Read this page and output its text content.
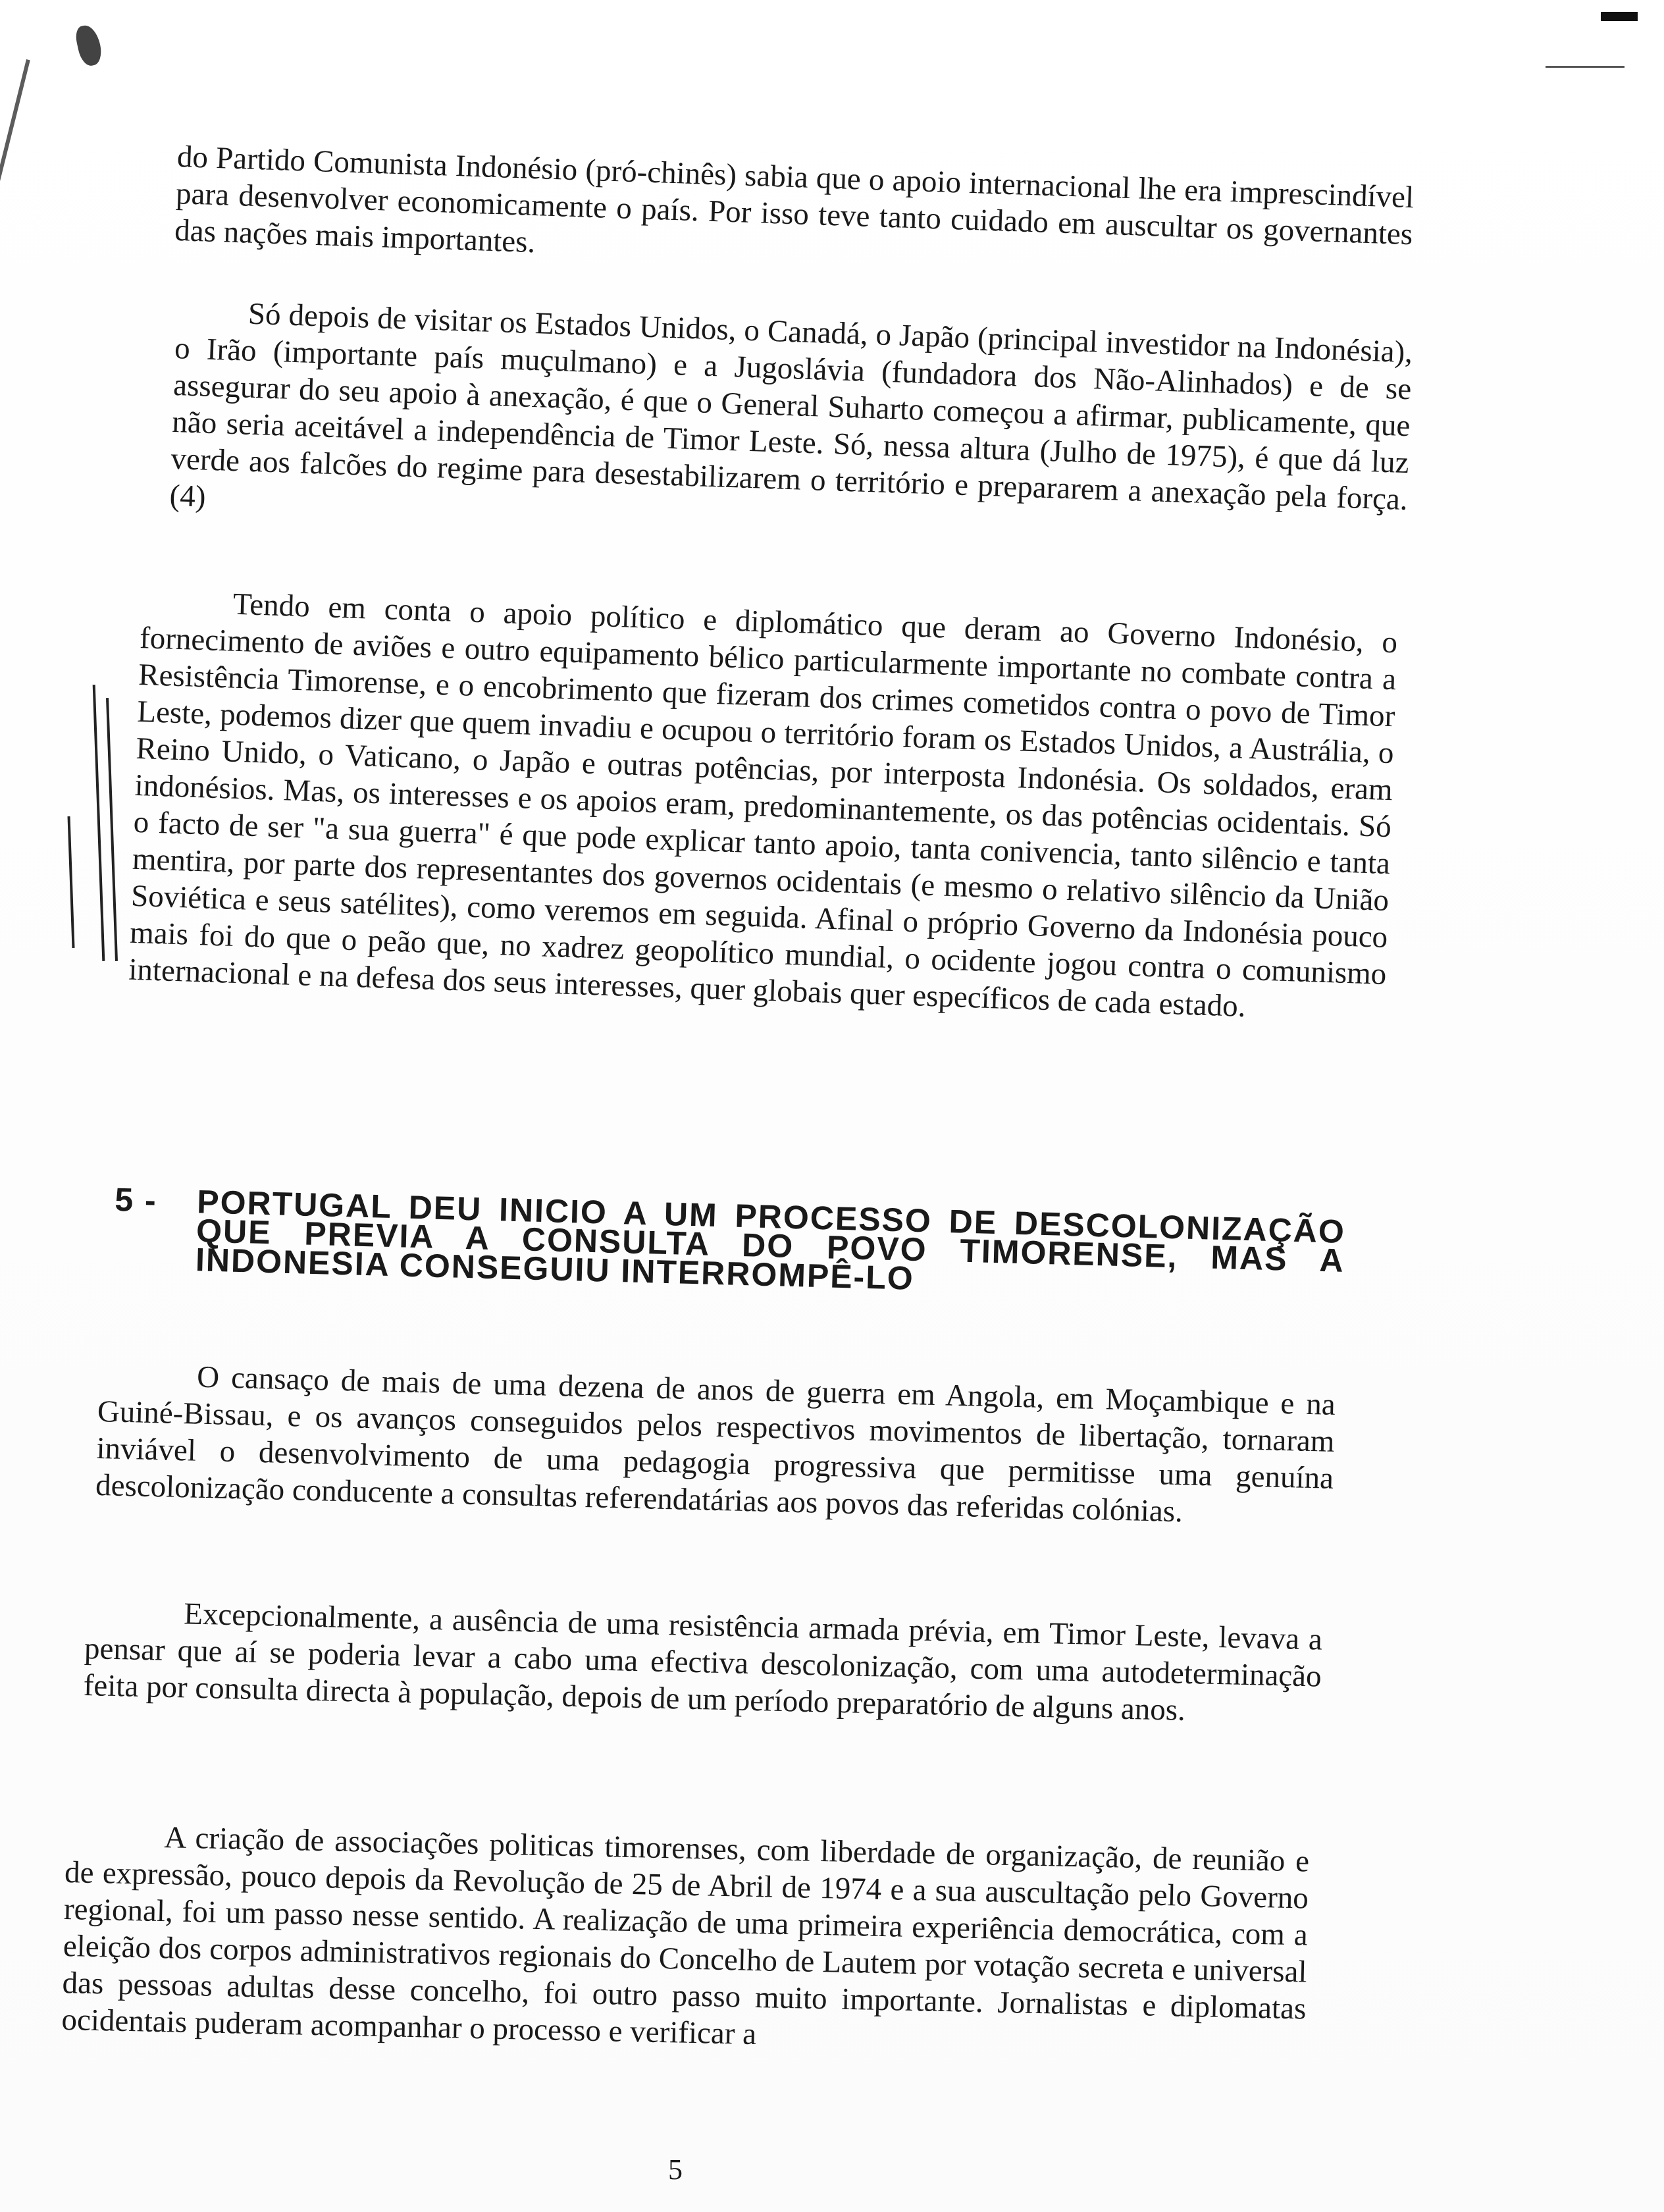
do Partido Comunista Indonésio (pró-chinês) sabia que o apoio internacional lhe era imprescindível para desenvolver economicamente o país. Por isso teve tanto cuidado em auscultar os governantes das nações mais importantes.

Só depois de visitar os Estados Unidos, o Canadá, o Japão (principal investidor na Indonésia), o Irão (importante país muçulmano) e a Jugoslávia (fundadora dos Não-Alinhados) e de se assegurar do seu apoio à anexação, é que o General Suharto começou a afirmar, publicamente, que não seria aceitável a independência de Timor Leste. Só, nessa altura (Julho de 1975), é que dá luz verde aos falcões do regime para desestabilizarem o território e prepararem a anexação pela força. (4)

Tendo em conta o apoio político e diplomático que deram ao Governo Indonésio, o fornecimento de aviões e outro equipamento bélico particularmente importante no combate contra a Resistência Timorense, e o encobrimento que fizeram dos crimes cometidos contra o povo de Timor Leste, podemos dizer que quem invadiu e ocupou o território foram os Estados Unidos, a Austrália, o Reino Unido, o Vaticano, o Japão e outras potências, por interposta Indonésia. Os soldados, eram indonésios. Mas, os interesses e os apoios eram, predominantemente, os das potências ocidentais. Só o facto de ser "a sua guerra" é que pode explicar tanto apoio, tanta conivencia, tanto silêncio e tanta mentira, por parte dos representantes dos governos ocidentais (e mesmo o relativo silêncio da União Soviética e seus satélites), como veremos em seguida. Afinal o próprio Governo da Indonésia pouco mais foi do que o peão que, no xadrez geopolítico mundial, o ocidente jogou contra o comunismo internacional e na defesa dos seus interesses, quer globais quer específicos de cada estado.

5 - PORTUGAL DEU INICIO A UM PROCESSO DE DESCOLONIZAÇÃO QUE PREVIA A CONSULTA DO POVO TIMORENSE, MAS A INDONESIA CONSEGUIU INTERROMPÊ-LO

O cansaço de mais de uma dezena de anos de guerra em Angola, em Moçambique e na Guiné-Bissau, e os avanços conseguidos pelos respectivos movimentos de libertação, tornaram inviável o desenvolvimento de uma pedagogia progressiva que permitisse uma genuína descolonização conducente a consultas referendatárias aos povos das referidas colónias.

Excepcionalmente, a ausência de uma resistência armada prévia, em Timor Leste, levava a pensar que aí se poderia levar a cabo uma efectiva descolonização, com uma autodeterminação feita por consulta directa à população, depois de um período preparatório de alguns anos.

A criação de associações politicas timorenses, com liberdade de organização, de reunião e de expressão, pouco depois da Revolução de 25 de Abril de 1974 e a sua auscultação pelo Governo regional, foi um passo nesse sentido. A realização de uma primeira experiência democrática, com a eleição dos corpos administrativos regionais do Concelho de Lautem por votação secreta e universal das pessoas adultas desse concelho, foi outro passo muito importante. Jornalistas e diplomatas ocidentais puderam acompanhar o processo e verificar a

5
